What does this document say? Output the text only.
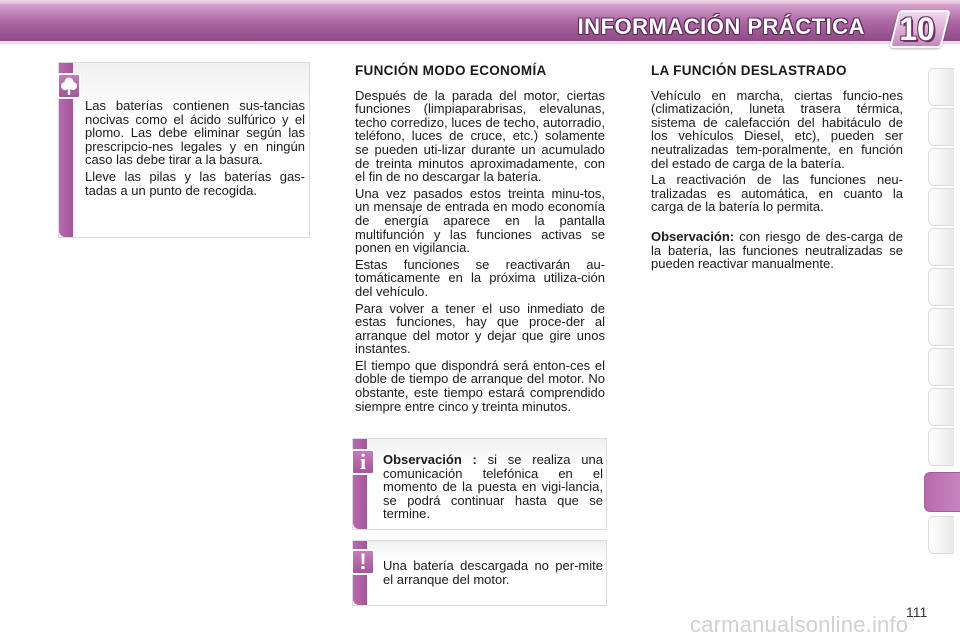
INFORMACIÓN PRÁCTICA	10

Las baterías contienen sus-tancias nocivas como el ácido sulfúrico y el plomo. Las debe eliminar según las prescripcio-nes legales y en ningún caso las debe tirar a la basura.

Lleve las pilas y las baterías gas-tadas a un punto de recogida.

FUNCIÓN MODO ECONOMÍA

Después de la parada del motor, ciertas funciones (limpiaparabrisas, elevalunas, techo corredizo, luces de techo, autorradio, teléfono, luces de cruce, etc.) solamente se pueden uti-lizar durante un acumulado de treinta minutos aproximadamente, con el fin de no descargar la batería.

Una vez pasados estos treinta minu-tos, un mensaje de entrada en modo economía de energía aparece en la pantalla multifunción y las funciones activas se ponen en vigilancia.

Estas funciones se reactivarán au-tomáticamente en la próxima utiliza-ción del vehículo.

Para volver a tener el uso inmediato de estas funciones, hay que proce-der al arranque del motor y dejar que gire unos instantes.

El tiempo que dispondrá será enton-ces el doble de tiempo de arranque del motor. No obstante, este tiempo estará comprendido siempre entre cinco y treinta minutos.

i	Observación : si se realiza una comunicación telefónica en el momento de la puesta en vigi-lancia, se podrá continuar hasta que se termine.
!	Una batería descargada no per-mite el arranque del motor.
LA FUNCIÓN DESLASTRADO

Vehículo en marcha, ciertas funcio-nes (climatización, luneta trasera térmica, sistema de calefacción del habitáculo de los vehículos Diesel, etc), pueden ser neutralizadas tem-poralmente, en función del estado de carga de la batería.

La reactivación de las funciones neu-tralizadas es automática, en cuanto la carga de la batería lo permita.

Observación: con riesgo de des-carga de la batería, las funciones neutralizadas se pueden reactivar manualmente.

111
carmanualsonline.info
